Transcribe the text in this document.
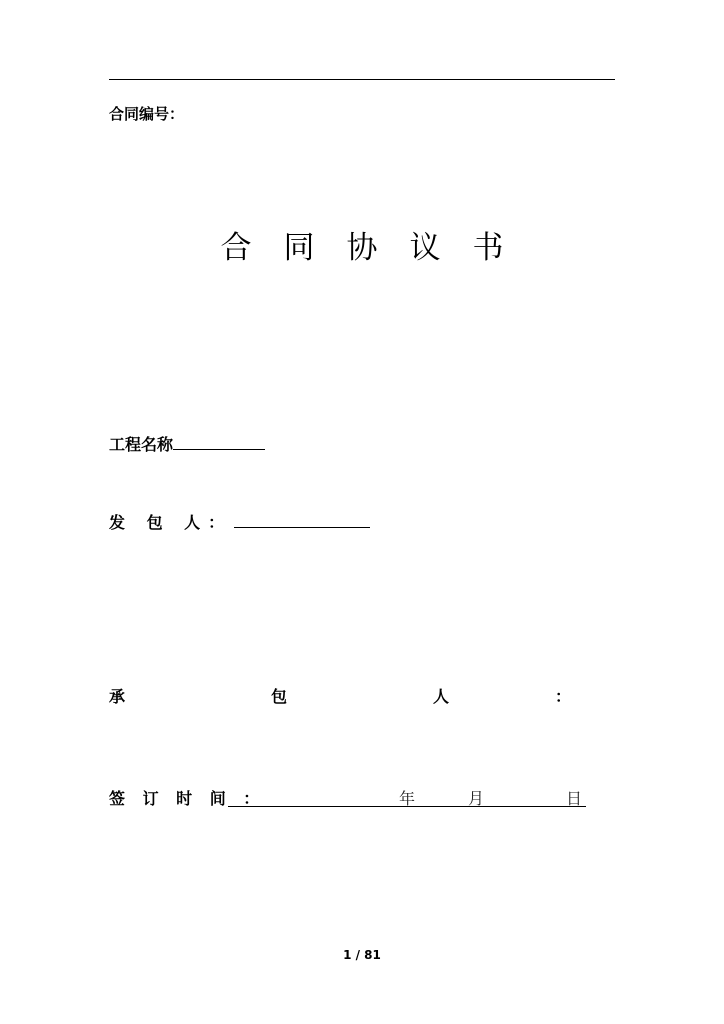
合同编号：
合同协议书
工程名称
发 包 人：
承	包	人	：
签 订 时 间 ：	年	月	日
1 / 81
